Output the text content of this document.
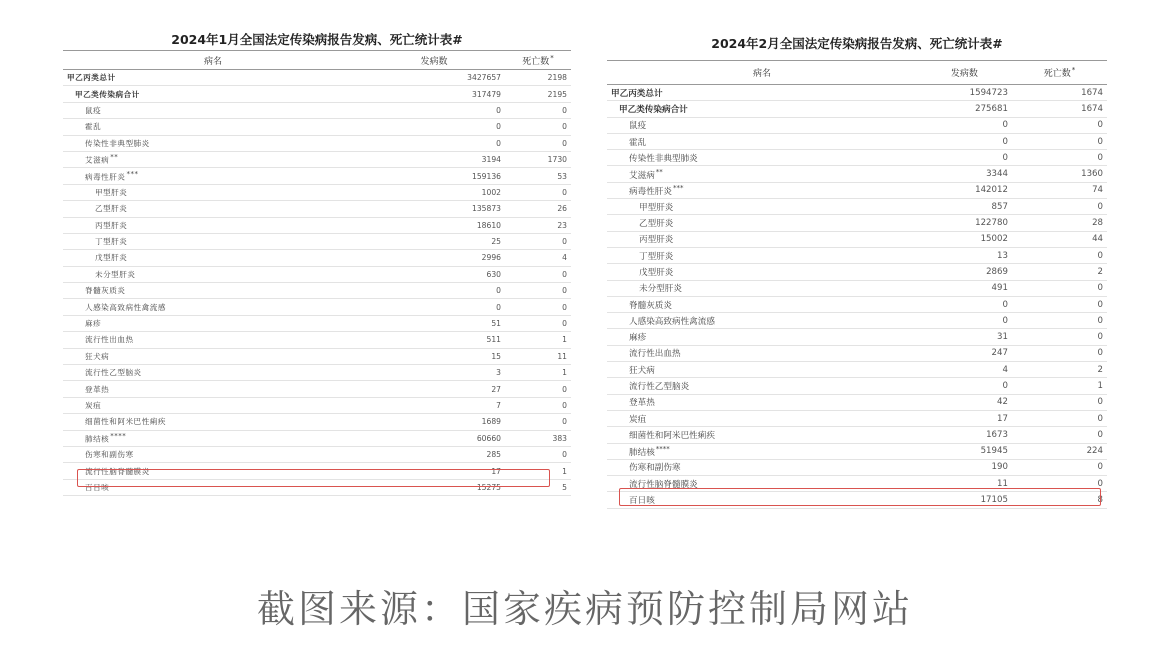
2024年1月全国法定传染病报告发病、死亡统计表#
病名	发病数	死亡数*
甲乙丙类总计	3427657	2198
甲乙类传染病合计	317479	2195
鼠疫	0	0
霍乱	0	0
传染性非典型肺炎	0	0
艾滋病**	3194	1730
病毒性肝炎***	159136	53
甲型肝炎	1002	0
乙型肝炎	135873	26
丙型肝炎	18610	23
丁型肝炎	25	0
戊型肝炎	2996	4
未分型肝炎	630	0
脊髓灰质炎	0	0
人感染高致病性禽流感	0	0
麻疹	51	0
流行性出血热	511	1
狂犬病	15	11
流行性乙型脑炎	3	1
登革热	27	0
炭疽	7	0
细菌性和阿米巴性痢疾	1689	0
肺结核****	60660	383
伤寒和副伤寒	285	0
流行性脑脊髓膜炎	17	1
百日咳	15275	5
2024年2月全国法定传染病报告发病、死亡统计表#
病名	发病数	死亡数*
甲乙丙类总计	1594723	1674
甲乙类传染病合计	275681	1674
鼠疫	0	0
霍乱	0	0
传染性非典型肺炎	0	0
艾滋病**	3344	1360
病毒性肝炎***	142012	74
甲型肝炎	857	0
乙型肝炎	122780	28
丙型肝炎	15002	44
丁型肝炎	13	0
戊型肝炎	2869	2
未分型肝炎	491	0
脊髓灰质炎	0	0
人感染高致病性禽流感	0	0
麻疹	31	0
流行性出血热	247	0
狂犬病	4	2
流行性乙型脑炎	0	1
登革热	42	0
炭疽	17	0
细菌性和阿米巴性痢疾	1673	0
肺结核****	51945	224
伤寒和副伤寒	190	0
流行性脑脊髓膜炎	11	0
百日咳	17105	8
截图来源：国家疾病预防控制局网站
